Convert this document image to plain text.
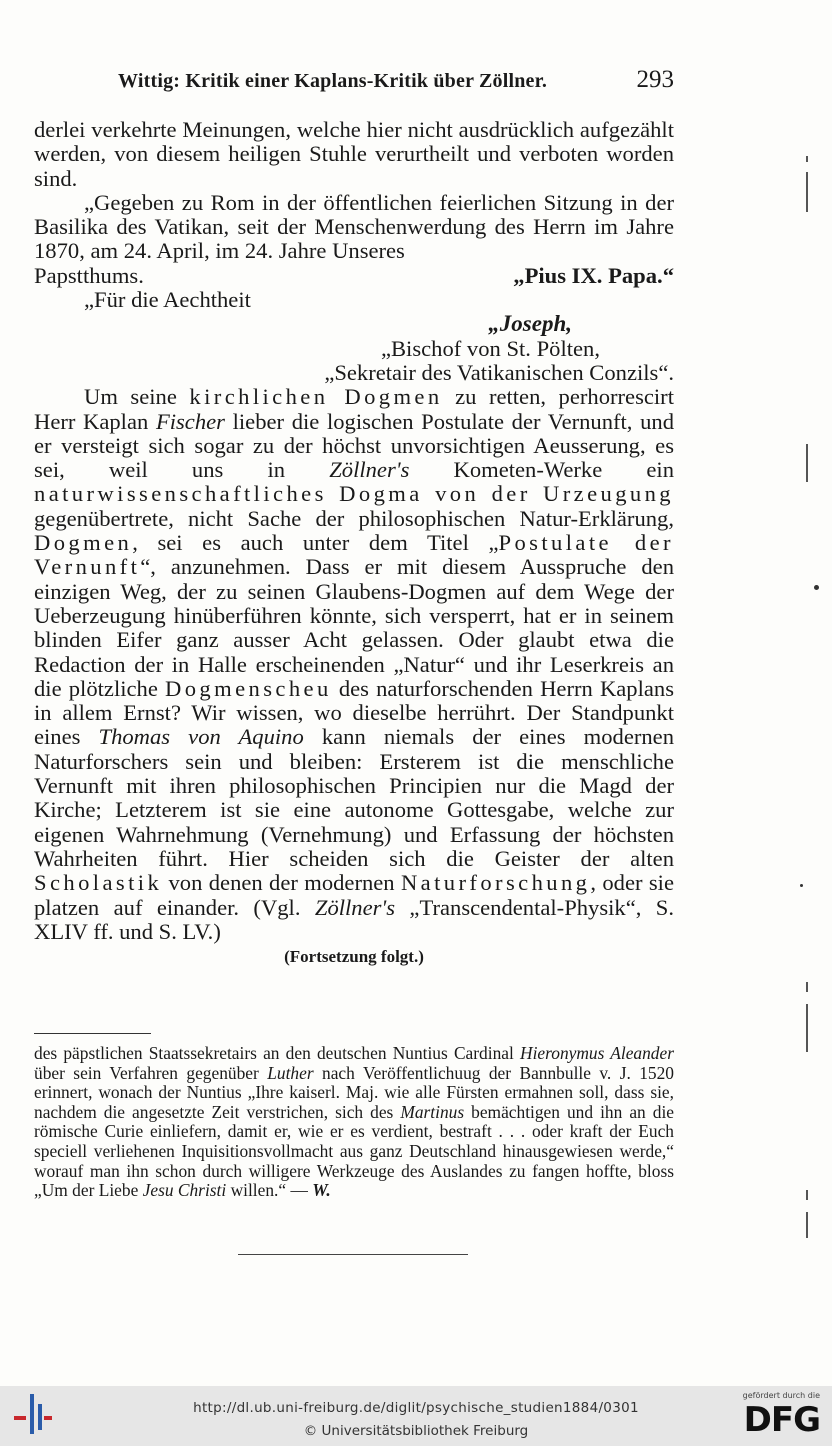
Wittig: Kritik einer Kaplans-Kritik über Zöllner.	293

derlei verkehrte Meinungen, welche hier nicht ausdrücklich aufgezählt werden, von diesem heiligen Stuhle verurtheilt und verboten worden sind.

„Gegeben zu Rom in der öffentlichen feierlichen Sitzung in der Basilika des Vatikan, seit der Menschenwerdung des Herrn im Jahre 1870, am 24. April, im 24. Jahre Unseres

Papstthums.	„Pius IX. Papa.“

„Für die Aechtheit

„Joseph,

„Bischof von St. Pölten,

„Sekretair des Vatikanischen Conzils“.

Um seine kirchlichen Dogmen zu retten, perhorrescirt Herr Kaplan Fischer lieber die logischen Postulate der Vernunft, und er versteigt sich sogar zu der höchst unvorsichtigen Aeusserung, es sei, weil uns in Zöllner's Kometen-Werke ein naturwissenschaftliches Dogma von der Urzeugung gegenübertrete, nicht Sache der philosophischen Natur-Erklärung, Dogmen, sei es auch unter dem Titel „Postulate der Vernunft“, anzunehmen. Dass er mit diesem Ausspruche den einzigen Weg, der zu seinen Glaubens-Dogmen auf dem Wege der Ueberzeugung hinüberführen könnte, sich versperrt, hat er in seinem blinden Eifer ganz ausser Acht gelassen. Oder glaubt etwa die Redaction der in Halle erscheinenden „Natur“ und ihr Leserkreis an die plötzliche Dogmenscheu des naturforschenden Herrn Kaplans in allem Ernst? Wir wissen, wo dieselbe herrührt. Der Standpunkt eines Thomas von Aquino kann niemals der eines modernen Naturforschers sein und bleiben: Ersterem ist die menschliche Vernunft mit ihren philosophischen Principien nur die Magd der Kirche; Letzterem ist sie eine autonome Gottesgabe, welche zur eigenen Wahrnehmung (Vernehmung) und Erfassung der höchsten Wahrheiten führt. Hier scheiden sich die Geister der alten Scholastik von denen der modernen Naturforschung, oder sie platzen auf einander. (Vgl. Zöllner's „Transcendental-Physik“, S. XLIV ff. und S. LV.)

(Fortsetzung folgt.)

des päpstlichen Staatssekretairs an den deutschen Nuntius Cardinal Hieronymus Aleander über sein Verfahren gegenüber Luther nach Veröffentlichuug der Bannbulle v. J. 1520 erinnert, wonach der Nuntius „Ihre kaiserl. Maj. wie alle Fürsten ermahnen soll, dass sie, nachdem die angesetzte Zeit verstrichen, sich des Martinus bemächtigen und ihn an die römische Curie einliefern, damit er, wie er es verdient, bestraft . . . oder kraft der Euch speciell verliehenen Inquisitionsvollmacht aus ganz Deutschland hinausgewiesen werde,“ worauf man ihn schon durch willigere Werkzeuge des Auslandes zu fangen hoffte, bloss „Um der Liebe Jesu Christi willen.“ — W.

http://dl.ub.uni-freiburg.de/diglit/psychische_studien1884/0301
© Universitätsbibliothek Freiburg
gefördert durch die
DFG
